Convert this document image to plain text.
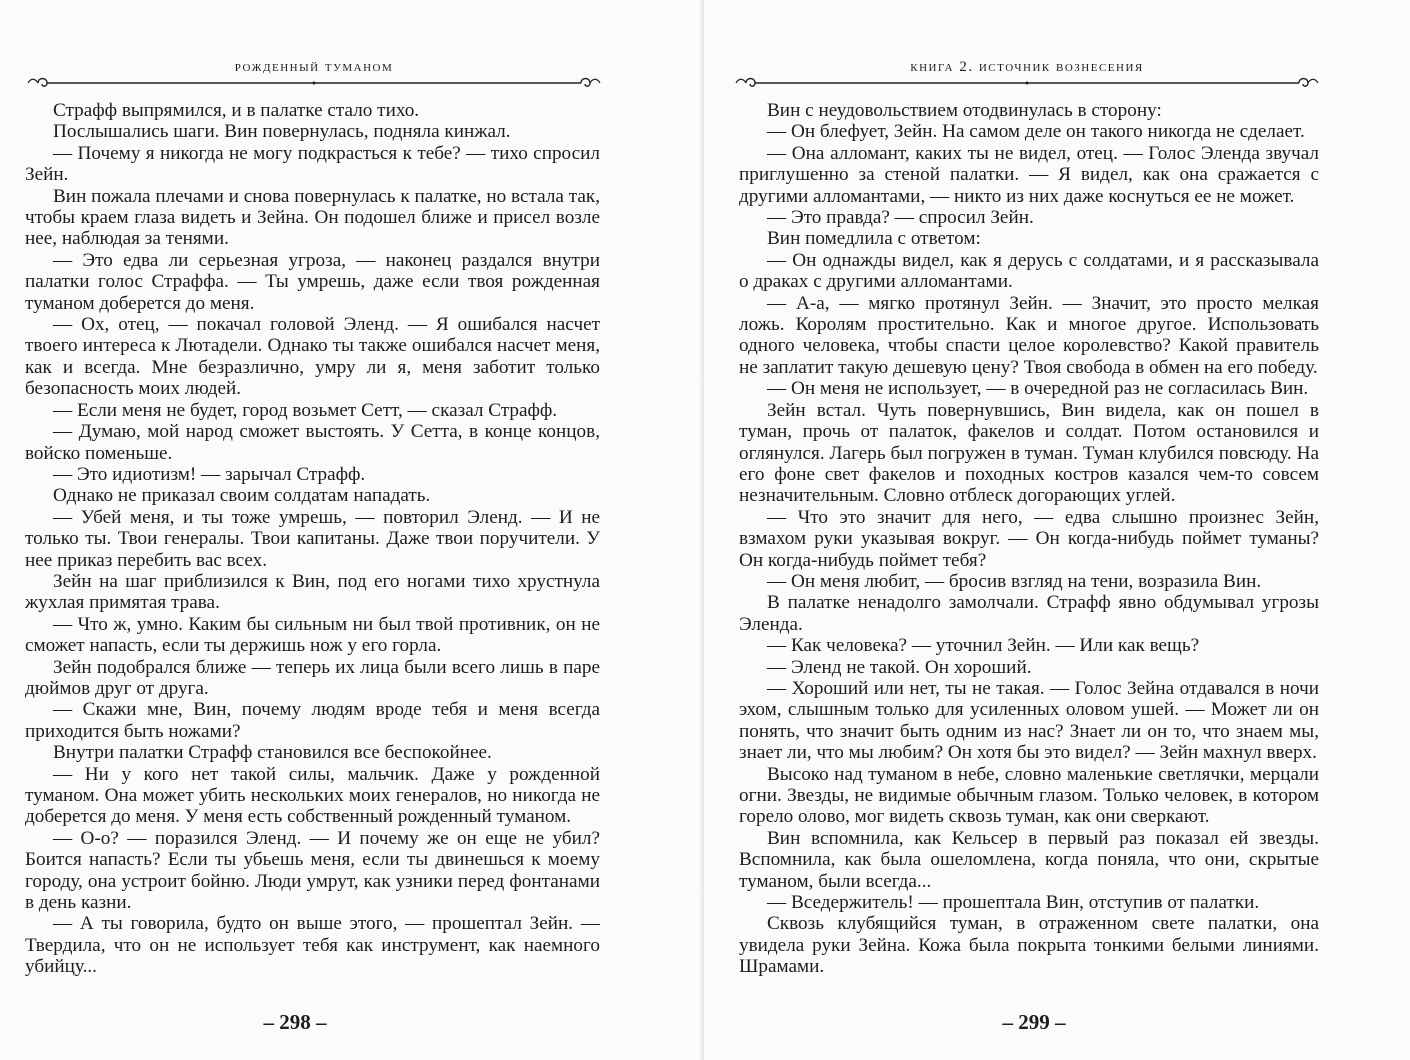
рожденный туманом

Страфф выпрямился, и в палатке стало тихо.

Послышались шаги. Вин повернулась, подняла кинжал.

— Почему я никогда не могу подкрасться к тебе? — тихо спросил Зейн.

Вин пожала плечами и снова повернулась к палатке, но встала так, чтобы краем глаза видеть и Зейна. Он подошел ближе и присел возле нее, наблюдая за тенями.

— Это едва ли серьезная угроза, — наконец раздался внутри палатки голос Страффа. — Ты умрешь, даже если твоя рожденная туманом доберется до меня.

— Ох, отец, — покачал головой Эленд. — Я ошибался насчет твоего интереса к Лютадели. Однако ты также ошибался насчет меня, как и всегда. Мне безразлично, умру ли я, меня заботит только безопасность моих людей.

— Если меня не будет, город возьмет Сетт, — сказал Страфф.

— Думаю, мой народ сможет выстоять. У Сетта, в конце концов, войско поменьше.

— Это идиотизм! — зарычал Страфф.

Однако не приказал своим солдатам нападать.

— Убей меня, и ты тоже умрешь, — повторил Эленд. — И не только ты. Твои генералы. Твои капитаны. Даже твои поручители. У нее приказ перебить вас всех.

Зейн на шаг приблизился к Вин, под его ногами тихо хрустнула жухлая примятая трава.

— Что ж, умно. Каким бы сильным ни был твой противник, он не сможет напасть, если ты держишь нож у его горла.

Зейн подобрался ближе — теперь их лица были всего лишь в паре дюймов друг от друга.

— Скажи мне, Вин, почему людям вроде тебя и меня всегда приходится быть ножами?

Внутри палатки Страфф становился все беспокойнее.

— Ни у кого нет такой силы, мальчик. Даже у рожденной туманом. Она может убить нескольких моих генералов, но никогда не доберется до меня. У меня есть собственный рожденный туманом.

— О-о? — поразился Эленд. — И почему же он еще не убил? Боится напасть? Если ты убьешь меня, если ты двинешься к моему городу, она устроит бойню. Люди умрут, как узники перед фонтанами в день казни.

— А ты говорила, будто он выше этого, — прошептал Зейн. — Твердила, что он не использует тебя как инструмент, как наемного убийцу...

– 298 –
книга 2. источник вознесения

Вин с неудовольствием отодвинулась в сторону:

— Он блефует, Зейн. На самом деле он такого никогда не сделает.

— Она алломант, каких ты не видел, отец. — Голос Эленда звучал приглушенно за стеной палатки. — Я видел, как она сражается с другими алломантами, — никто из них даже коснуться ее не может.

— Это правда? — спросил Зейн.

Вин помедлила с ответом:

— Он однажды видел, как я дерусь с солдатами, и я рассказывала о драках с другими алломантами.

— А-а, — мягко протянул Зейн. — Значит, это просто мелкая ложь. Королям простительно. Как и многое другое. Использовать одного человека, чтобы спасти целое королевство? Какой правитель не заплатит такую дешевую цену? Твоя свобода в обмен на его победу.

— Он меня не использует, — в очередной раз не согласилась Вин.

Зейн встал. Чуть повернувшись, Вин видела, как он пошел в туман, прочь от палаток, факелов и солдат. Потом остановился и оглянулся. Лагерь был погружен в туман. Туман клубился повсюду. На его фоне свет факелов и походных костров казался чем-то совсем незначительным. Словно отблеск догорающих углей.

— Что это значит для него, — едва слышно произнес Зейн, взмахом руки указывая вокруг. — Он когда-нибудь поймет туманы? Он когда-нибудь поймет тебя?

— Он меня любит, — бросив взгляд на тени, возразила Вин.

В палатке ненадолго замолчали. Страфф явно обдумывал угрозы Эленда.

— Как человека? — уточнил Зейн. — Или как вещь?

— Эленд не такой. Он хороший.

— Хороший или нет, ты не такая. — Голос Зейна отдавался в ночи эхом, слышным только для усиленных оловом ушей. — Может ли он понять, что значит быть одним из нас? Знает ли он то, что знаем мы, знает ли, что мы любим? Он хотя бы это видел? — Зейн махнул вверх.

Высоко над туманом в небе, словно маленькие светлячки, мерцали огни. Звезды, не видимые обычным глазом. Только человек, в котором горело олово, мог видеть сквозь туман, как они сверкают.

Вин вспомнила, как Кельсер в первый раз показал ей звезды. Вспомнила, как была ошеломлена, когда поняла, что они, скрытые туманом, были всегда...

— Вседержитель! — прошептала Вин, отступив от палатки.

Сквозь клубящийся туман, в отраженном свете палатки, она увидела руки Зейна. Кожа была покрыта тонкими белыми линиями. Шрамами.

– 299 –
